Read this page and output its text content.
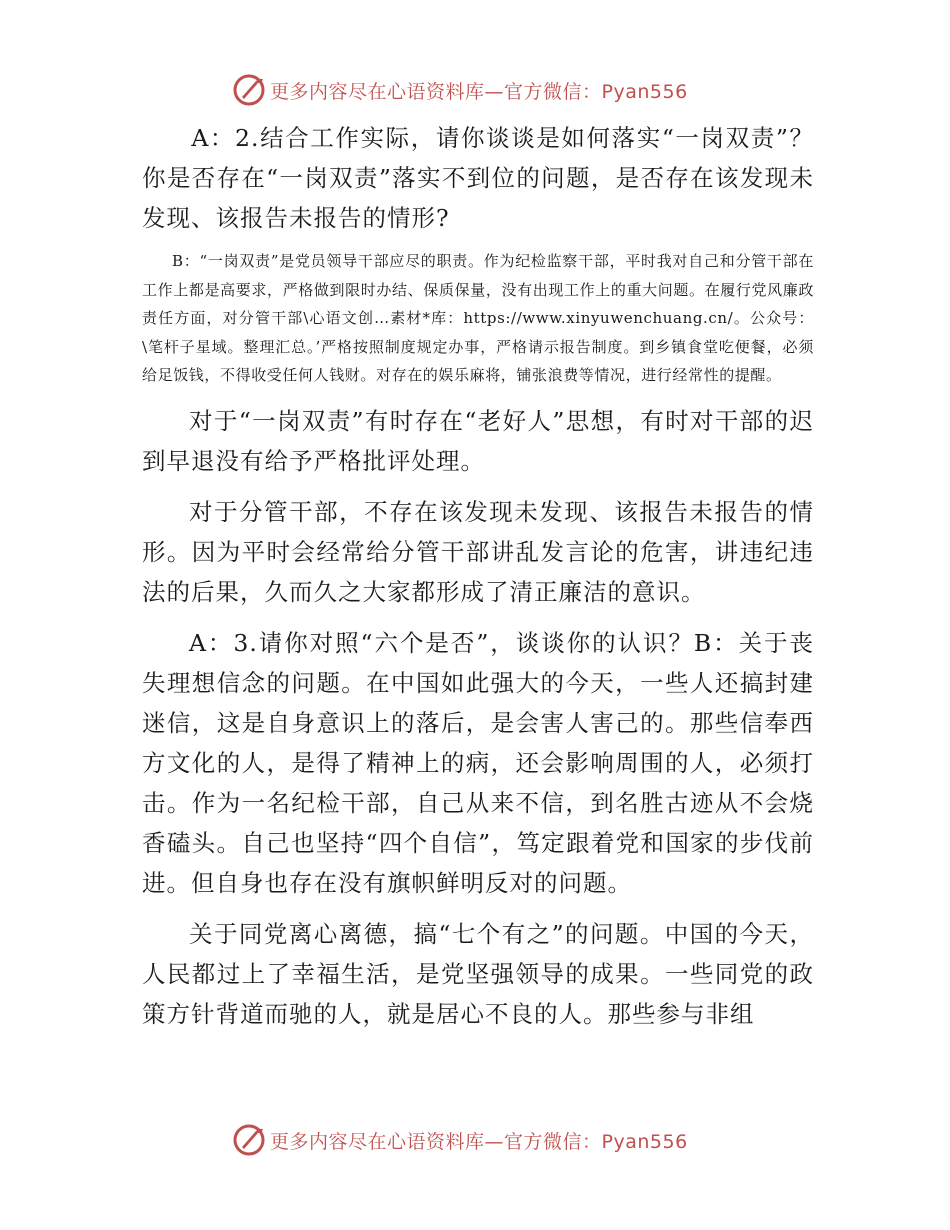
更多内容尽在心语资料库—官方微信：Pyan556

A：2.结合工作实际，请你谈谈是如何落实“一岗双责”？你是否存在“一岗双责”落实不到位的问题，是否存在该发现未发现、该报告未报告的情形?

B：“一岗双责”是党员领导干部应尽的职责。作为纪检监察干部，平时我对自己和分管干部在工作上都是高要求，严格做到限时办结、保质保量，没有出现工作上的重大问题。在履行党风廉政责任方面，对分管干部\心语文创…素材*库：https://www.xinyuwenchuang.cn/。公众号：\笔杆子星域。整理汇总。’严格按照制度规定办事，严格请示报告制度。到乡镇食堂吃便餐，必须给足饭钱，不得收受任何人钱财。对存在的娱乐麻将，铺张浪费等情况，进行经常性的提醒。

对于“一岗双责”有时存在“老好人”思想，有时对干部的迟到早退没有给予严格批评处理。

对于分管干部，不存在该发现未发现、该报告未报告的情形。因为平时会经常给分管干部讲乱发言论的危害，讲违纪违法的后果，久而久之大家都形成了清正廉洁的意识。

A：3.请你对照“六个是否”，谈谈你的认识？B：关于丧失理想信念的问题。在中国如此强大的今天，一些人还搞封建迷信，这是自身意识上的落后，是会害人害己的。那些信奉西方文化的人，是得了精神上的病，还会影响周围的人，必须打击。作为一名纪检干部，自己从来不信，到名胜古迹从不会烧香磕头。自己也坚持“四个自信”，笃定跟着党和国家的步伐前进。但自身也存在没有旗帜鲜明反对的问题。

关于同党离心离德，搞“七个有之”的问题。中国的今天，人民都过上了幸福生活，是党坚强领导的成果。一些同党的政策方针背道而驰的人，就是居心不良的人。那些参与非组

更多内容尽在心语资料库—官方微信：Pyan556
